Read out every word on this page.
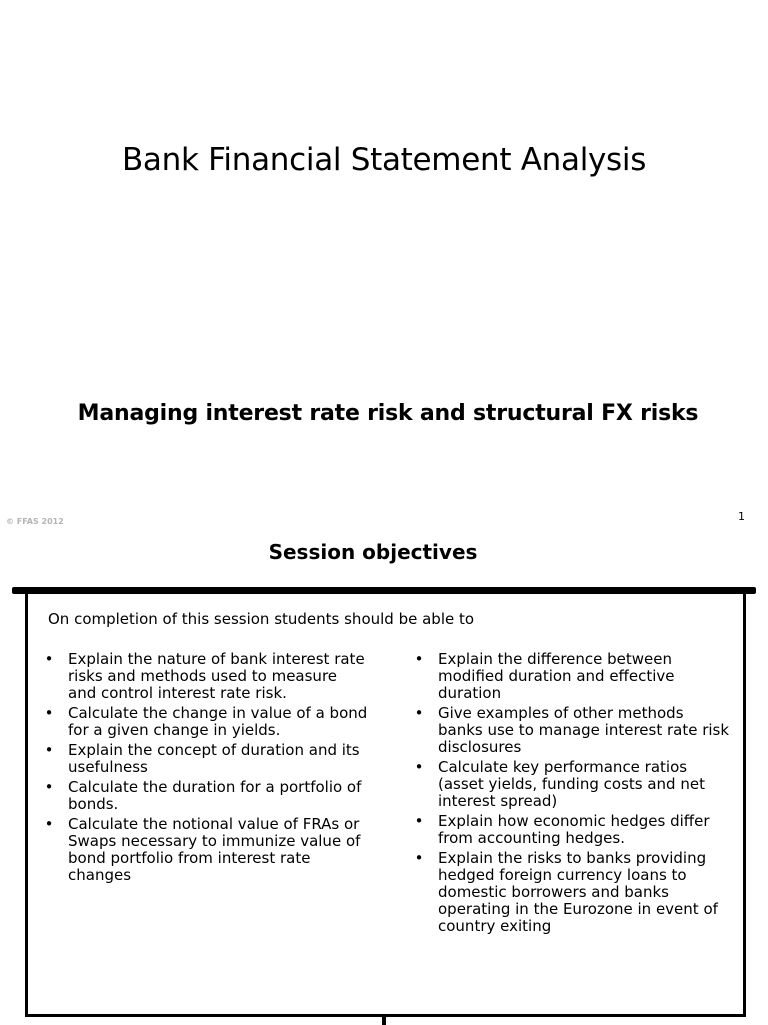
Bank Financial Statement Analysis
Managing interest rate risk and structural FX risks
© FFAS 2012	1
Session objectives

On completion of this session students should be able to

• Explain the nature of bank interest rate risks and methods used to measure and control interest rate risk.
• Calculate the change in value of a bond for a given change in yields.
• Explain the concept of duration and its usefulness
• Calculate the duration for a portfolio of bonds.
• Calculate the notional value of FRAs or Swaps necessary to immunize value of bond portfolio from interest rate changes
• Explain the difference between modified duration and effective duration
• Give examples of other methods banks use to manage interest rate risk disclosures
• Calculate key performance ratios (asset yields, funding costs and net interest spread)
• Explain how economic hedges differ from accounting hedges.
• Explain the risks to banks providing hedged foreign currency loans to domestic borrowers and banks operating in the Eurozone in event of country exiting
